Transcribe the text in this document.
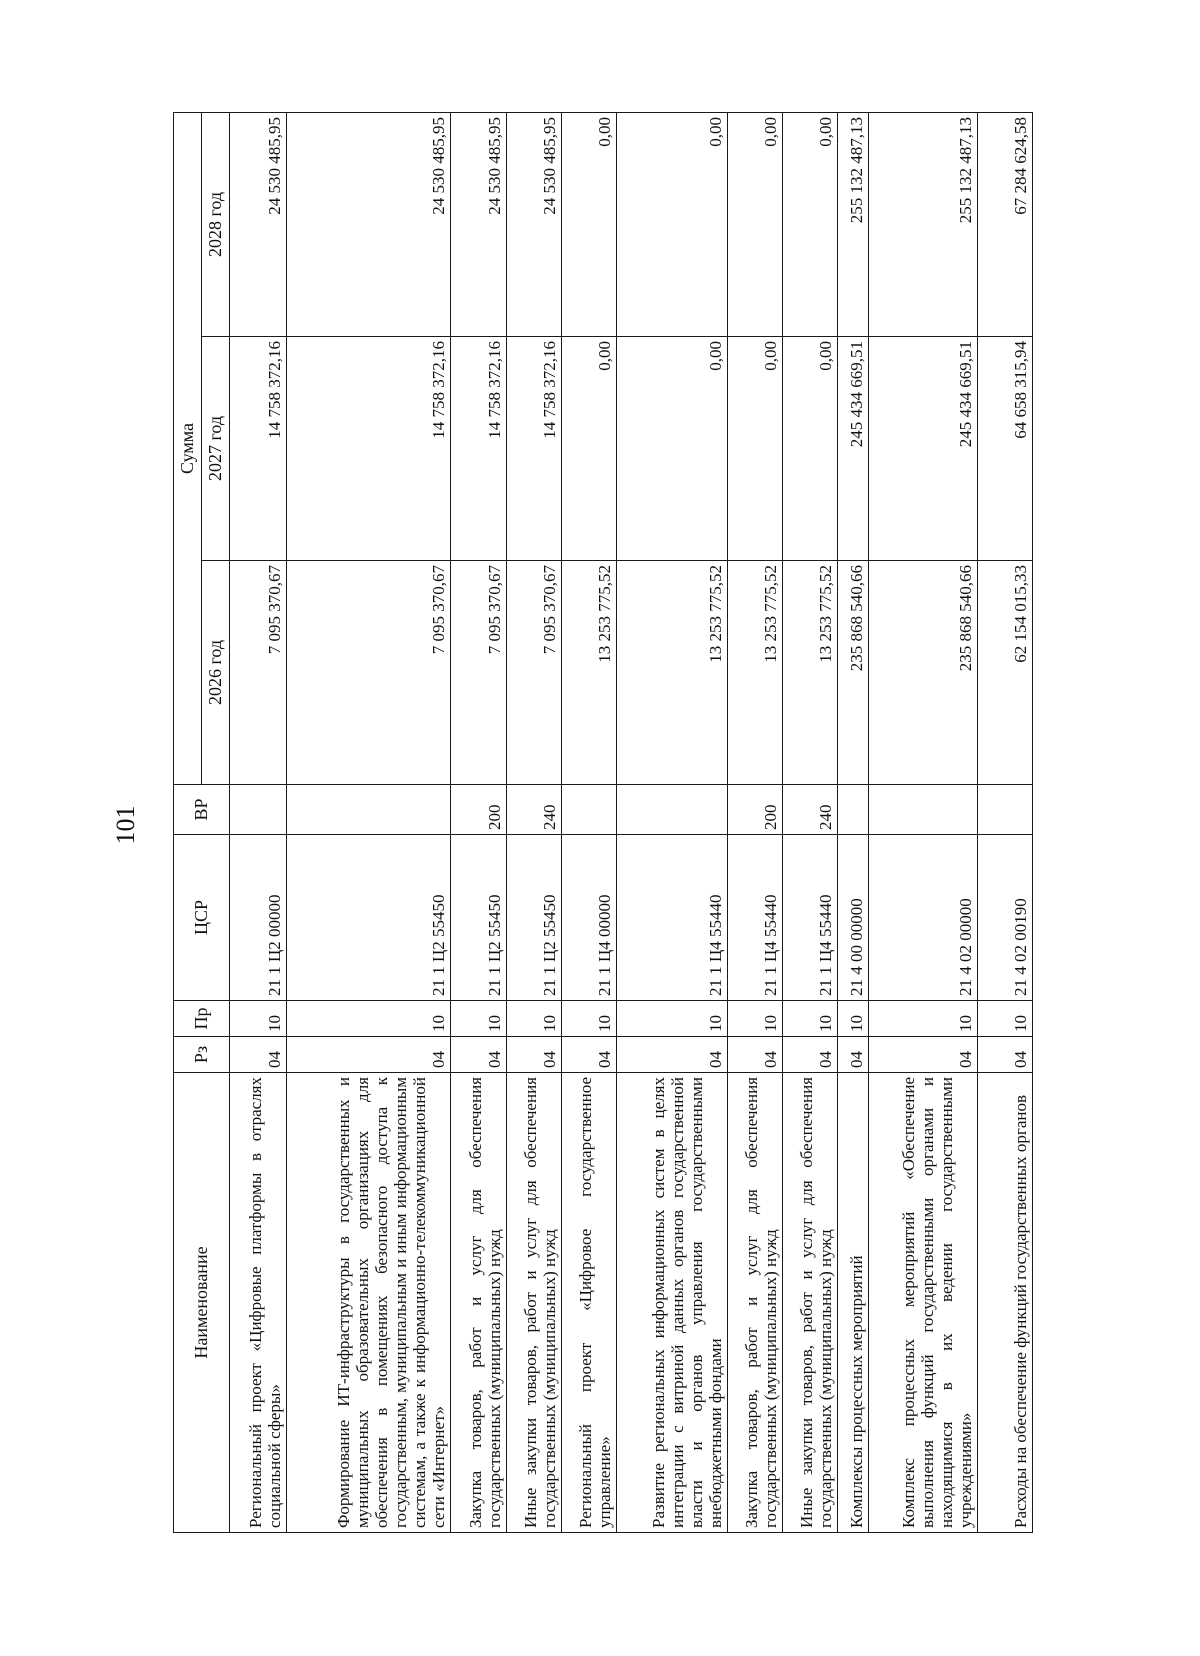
101
Наименование	Рз	Пр	ЦСР	ВР	Сумма		
					2026 год	2027 год	2028 год
Региональный проект «Цифровые платформы в отраслях социальной сферы»	04	10	21 1 Ц2 00000		7 095 370,67	14 758 372,16	24 530 485,95
Формирование ИТ-инфраструктуры в государственных и муниципальных образовательных организациях для обеспечения в помещениях безопасного доступа к государственным, муниципальным и иным информационным системам, а также к информационно-телекоммуникационной сети «Интернет»	04	10	21 1 Ц2 55450		7 095 370,67	14 758 372,16	24 530 485,95
Закупка товаров, работ и услуг для обеспечения государственных (муниципальных) нужд	04	10	21 1 Ц2 55450	200	7 095 370,67	14 758 372,16	24 530 485,95
Иные закупки товаров, работ и услуг для обеспечения государственных (муниципальных) нужд	04	10	21 1 Ц2 55450	240	7 095 370,67	14 758 372,16	24 530 485,95
Региональный проект «Цифровое государственное управление»	04	10	21 1 Ц4 00000		13 253 775,52	0,00	0,00
Развитие региональных информационных систем в целях интеграции с витриной данных органов государственной власти и органов управления государственными внебюджетными фондами	04	10	21 1 Ц4 55440		13 253 775,52	0,00	0,00
Закупка товаров, работ и услуг для обеспечения государственных (муниципальных) нужд	04	10	21 1 Ц4 55440	200	13 253 775,52	0,00	0,00
Иные закупки товаров, работ и услуг для обеспечения государственных (муниципальных) нужд	04	10	21 1 Ц4 55440	240	13 253 775,52	0,00	0,00
Комплексы процессных мероприятий	04	10	21 4 00 00000		235 868 540,66	245 434 669,51	255 132 487,13
Комплекс процессных мероприятий «Обеспечение выполнения функций государственными органами и находящимися в их ведении государственными учреждениями»	04	10	21 4 02 00000		235 868 540,66	245 434 669,51	255 132 487,13
Расходы на обеспечение функций государственных органов	04	10	21 4 02 00190		62 154 015,33	64 658 315,94	67 284 624,58
